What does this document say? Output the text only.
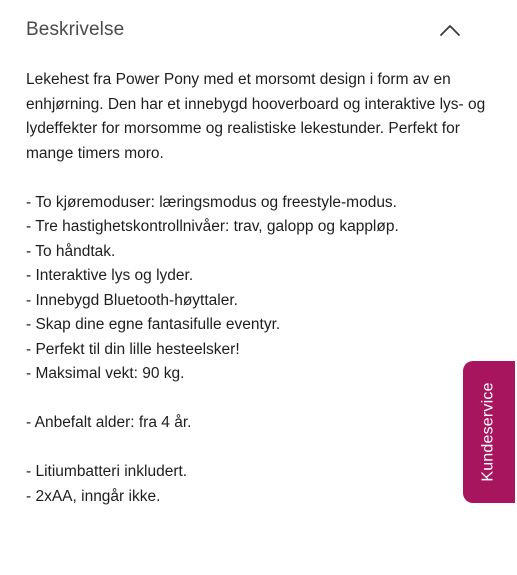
Beskrivelse

Lekehest fra Power Pony med et morsomt design i form av en enhjørning. Den har et innebygd hooverboard og interaktive lys- og lydeffekter for morsomme og realistiske lekestunder. Perfekt for mange timers moro.

- To kjøremoduser: læringsmodus og freestyle-modus.

- Tre hastighetskontrollnivåer: trav, galopp og kappløp.

- To håndtak.

- Interaktive lys og lyder.

- Innebygd Bluetooth-høyttaler.

- Skap dine egne fantasifulle eventyr.

- Perfekt til din lille hesteelsker!

- Maksimal vekt: 90 kg.

- Anbefalt alder: fra 4 år.

- Litiumbatteri inkludert.

- 2xAA, inngår ikke.

Kundeservice
